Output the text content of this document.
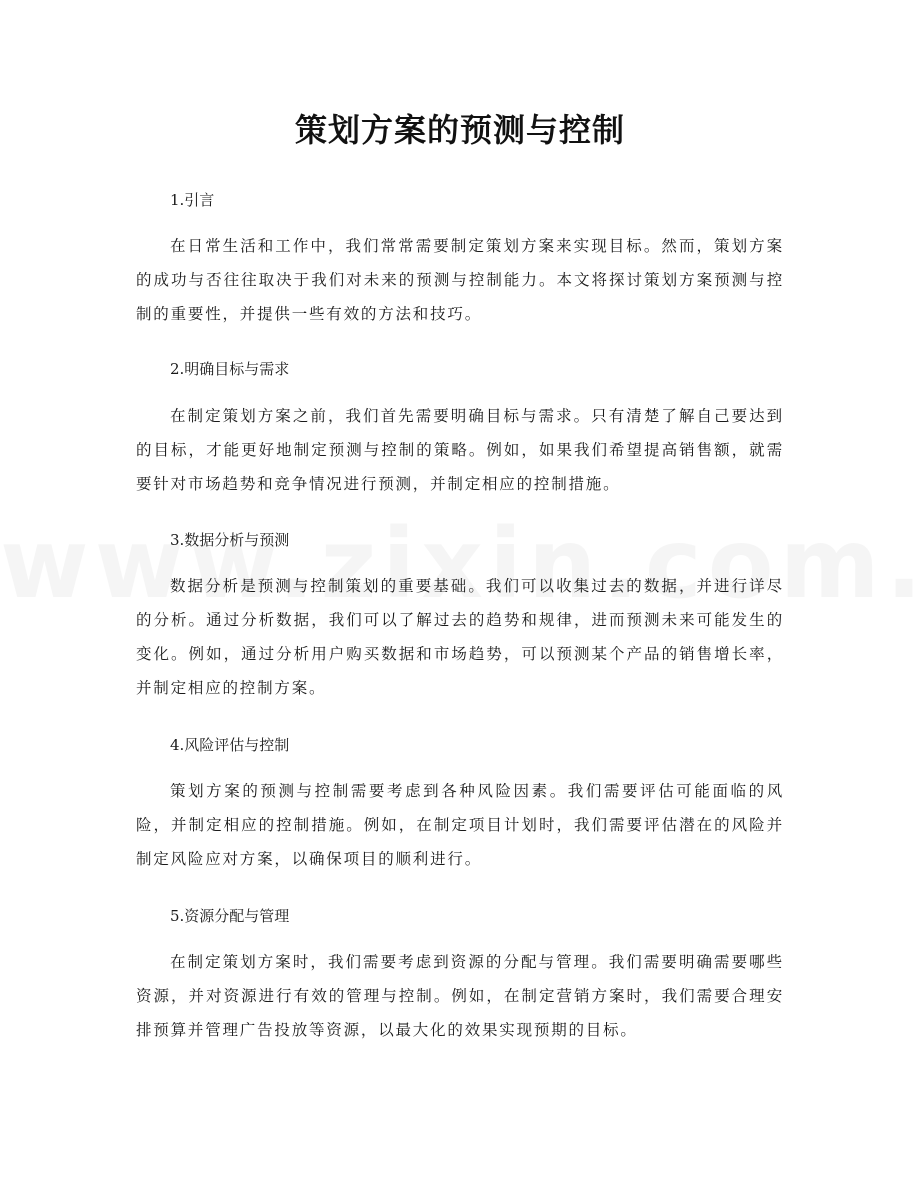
策划方案的预测与控制
1.引言

在日常生活和工作中，我们常常需要制定策划方案来实现目标。然而，策划方案的成功与否往往取决于我们对未来的预测与控制能力。本文将探讨策划方案预测与控制的重要性，并提供一些有效的方法和技巧。

2.明确目标与需求

在制定策划方案之前，我们首先需要明确目标与需求。只有清楚了解自己要达到的目标，才能更好地制定预测与控制的策略。例如，如果我们希望提高销售额，就需要针对市场趋势和竞争情况进行预测，并制定相应的控制措施。

3.数据分析与预测

数据分析是预测与控制策划的重要基础。我们可以收集过去的数据，并进行详尽的分析。通过分析数据，我们可以了解过去的趋势和规律，进而预测未来可能发生的变化。例如，通过分析用户购买数据和市场趋势，可以预测某个产品的销售增长率，并制定相应的控制方案。

4.风险评估与控制

策划方案的预测与控制需要考虑到各种风险因素。我们需要评估可能面临的风险，并制定相应的控制措施。例如，在制定项目计划时，我们需要评估潜在的风险并制定风险应对方案，以确保项目的顺利进行。

5.资源分配与管理

在制定策划方案时，我们需要考虑到资源的分配与管理。我们需要明确需要哪些资源，并对资源进行有效的管理与控制。例如，在制定营销方案时，我们需要合理安排预算并管理广告投放等资源，以最大化的效果实现预期的目标。
